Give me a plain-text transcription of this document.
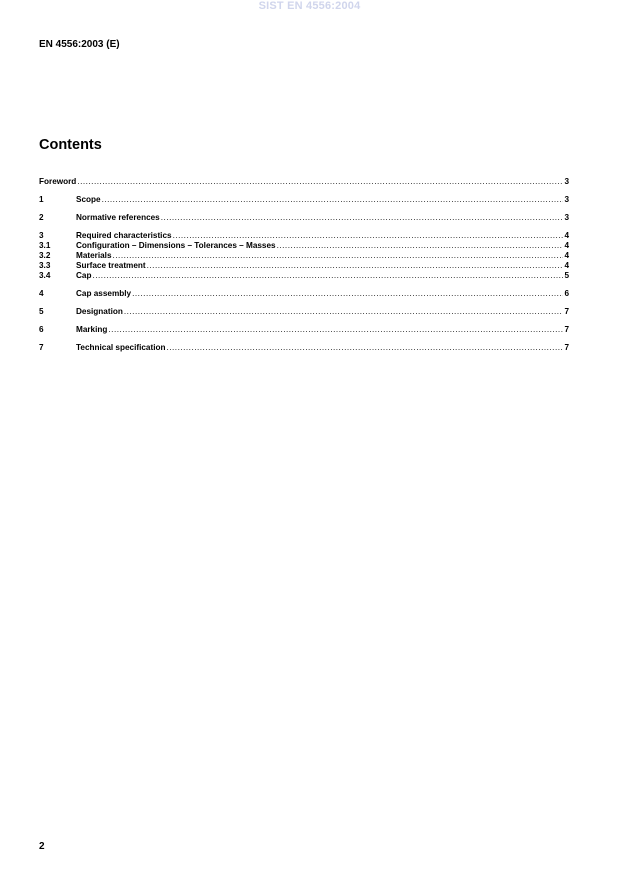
SIST EN 4556:2004
EN 4556:2003 (E)
Contents
Foreword .....	3
1	Scope .....	3
2	Normative references .....	3
3	Required characteristics .....	4
3.1	Configuration – Dimensions – Tolerances – Masses .....	4
3.2	Materials .....	4
3.3	Surface treatment .....	4
3.4	Cap .....	5
4	Cap assembly .....	6
5	Designation .....	7
6	Marking .....	7
7	Technical specification .....	7
2
